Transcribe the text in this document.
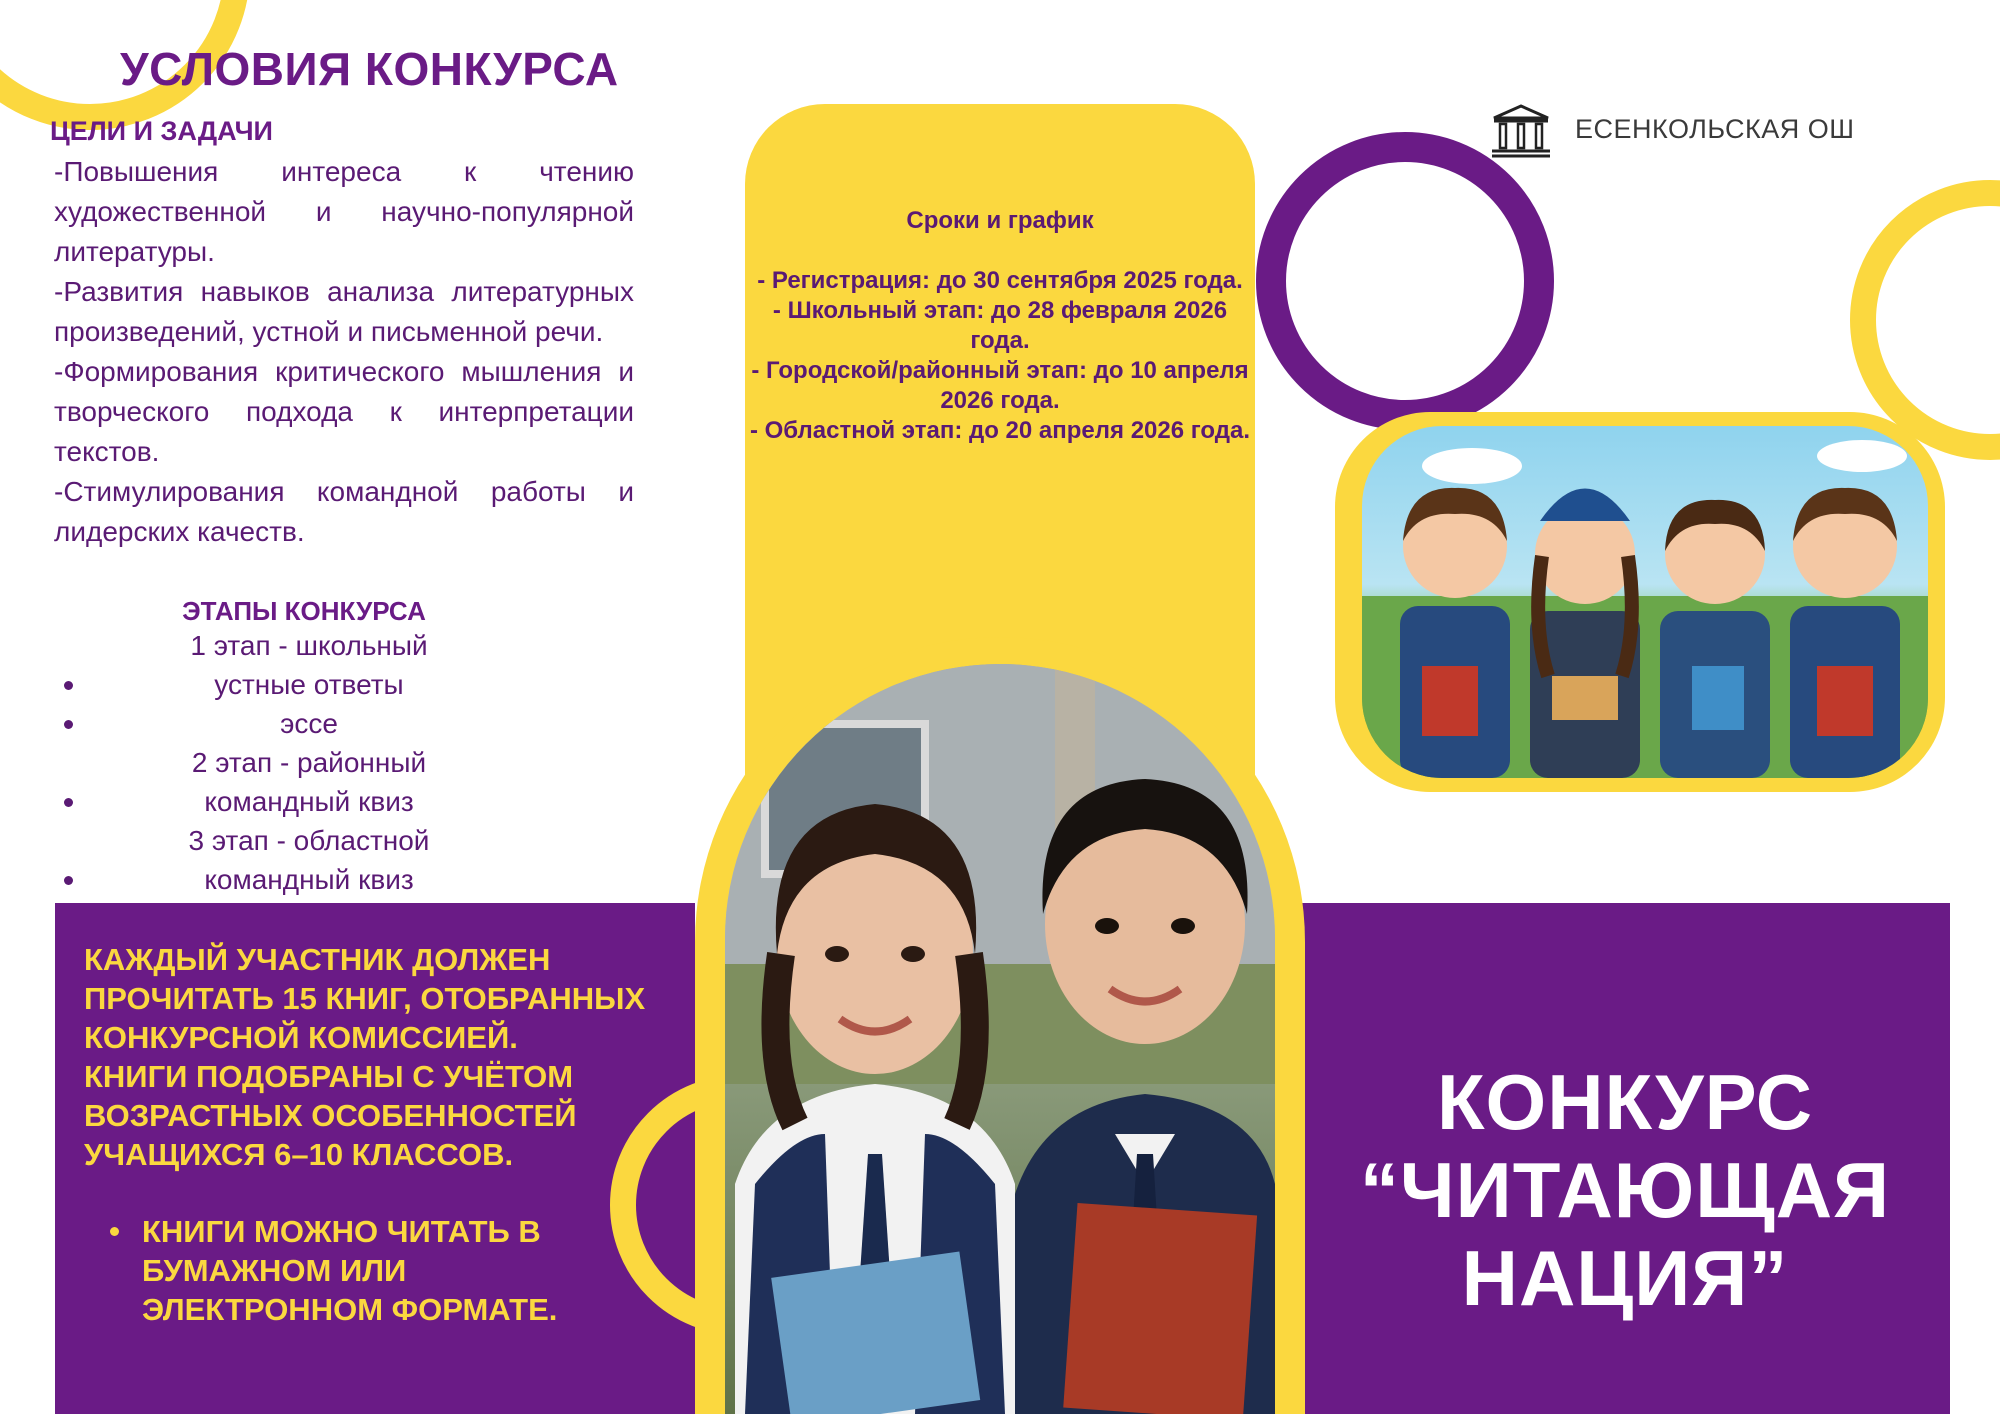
Сроки и график
- Регистрация: до 30 сентября 2025 года.
- Школьный этап: до 28 февраля 2026 года.
- Городской/районный этап: до 10 апреля 2026 года.
- Областной этап: до 20 апреля 2026 года.
УСЛОВИЯ КОНКУРСА
ЦЕЛИ И ЗАДАЧИ

-Повышения интереса к чтению художественной и научно-популярной литературы.

-Развития навыков анализа литературных произведений, устной и письменной речи.

-Формирования критического мышления и творческого подхода к интерпретации текстов.

-Стимулирования командной работы и лидерских качеств.

ЭТАПЫ КОНКУРСА
1 этап - школьный
устные ответы
эссе
2 этап - районный
командный квиз
3 этап - областной
командный квиз

КАЖДЫЙ УЧАСТНИК ДОЛЖЕН ПРОЧИТАТЬ 15 КНИГ, ОТОБРАННЫХ КОНКУРСНОЙ КОМИССИЕЙ.

КНИГИ ПОДОБРАНЫ С УЧЁТОМ ВОЗРАСТНЫХ ОСОБЕННОСТЕЙ УЧАЩИХСЯ 6–10 КЛАССОВ.

КНИГИ МОЖНО ЧИТАТЬ В БУМАЖНОМ ИЛИ ЭЛЕКТРОННОМ ФОРМАТЕ.
КОНКУРС
“ЧИТАЮЩАЯ
НАЦИЯ”
ЕСЕНКОЛЬСКАЯ ОШ
